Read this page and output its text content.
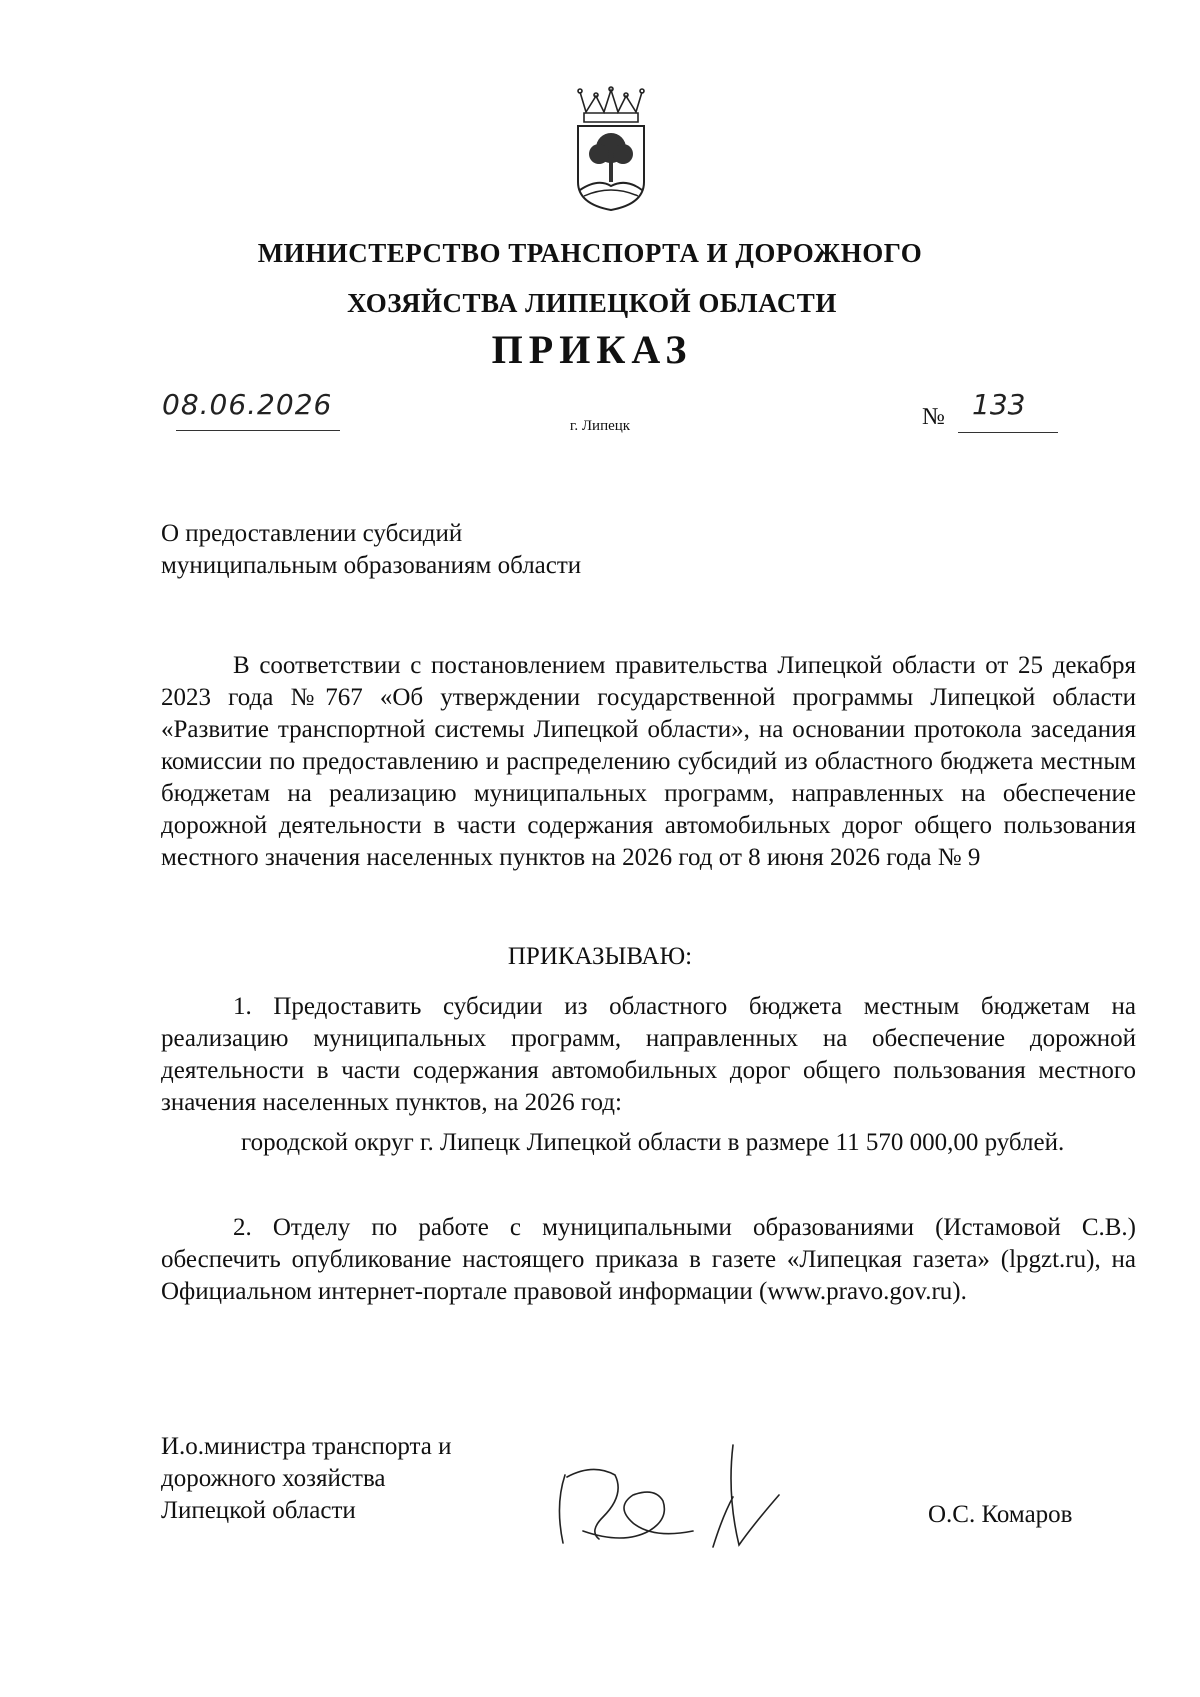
МИНИСТЕРСТВО ТРАНСПОРТА И ДОРОЖНОГО
ХОЗЯЙСТВА ЛИПЕЦКОЙ ОБЛАСТИ
ПРИКАЗ
08.06.2026
г. Липецк	№ 133
О предоставлении субсидий
муниципальным образованиям области
В соответствии с постановлением правительства Липецкой области от 25 декабря 2023 года №767 «Об утверждении государственной программы Липецкой области «Развитие транспортной системы Липецкой области», на основании протокола заседания комиссии по предоставлению и распределению субсидий из областного бюджета местным бюджетам на реализацию муниципальных программ, направленных на обеспечение дорожной деятельности в части содержания автомобильных дорог общего пользования местного значения населенных пунктов на 2026 год от 8 июня 2026 года № 9
ПРИКАЗЫВАЮ:
1. Предоставить субсидии из областного бюджета местным бюджетам на реализацию муниципальных программ, направленных на обеспечение дорожной деятельности в части содержания автомобильных дорог общего пользования местного значения населенных пунктов, на 2026 год:
городской округ г. Липецк Липецкой области в размере 11 570 000,00 рублей.
2. Отделу по работе с муниципальными образованиями (Истамовой С.В.) обеспечить опубликование настоящего приказа в газете «Липецкая газета» (lpgzt.ru), на Официальном интернет-портале правовой информации (www.pravo.gov.ru).
И.о.министра транспорта и
дорожного хозяйства
Липецкой области	О.С. Комаров
